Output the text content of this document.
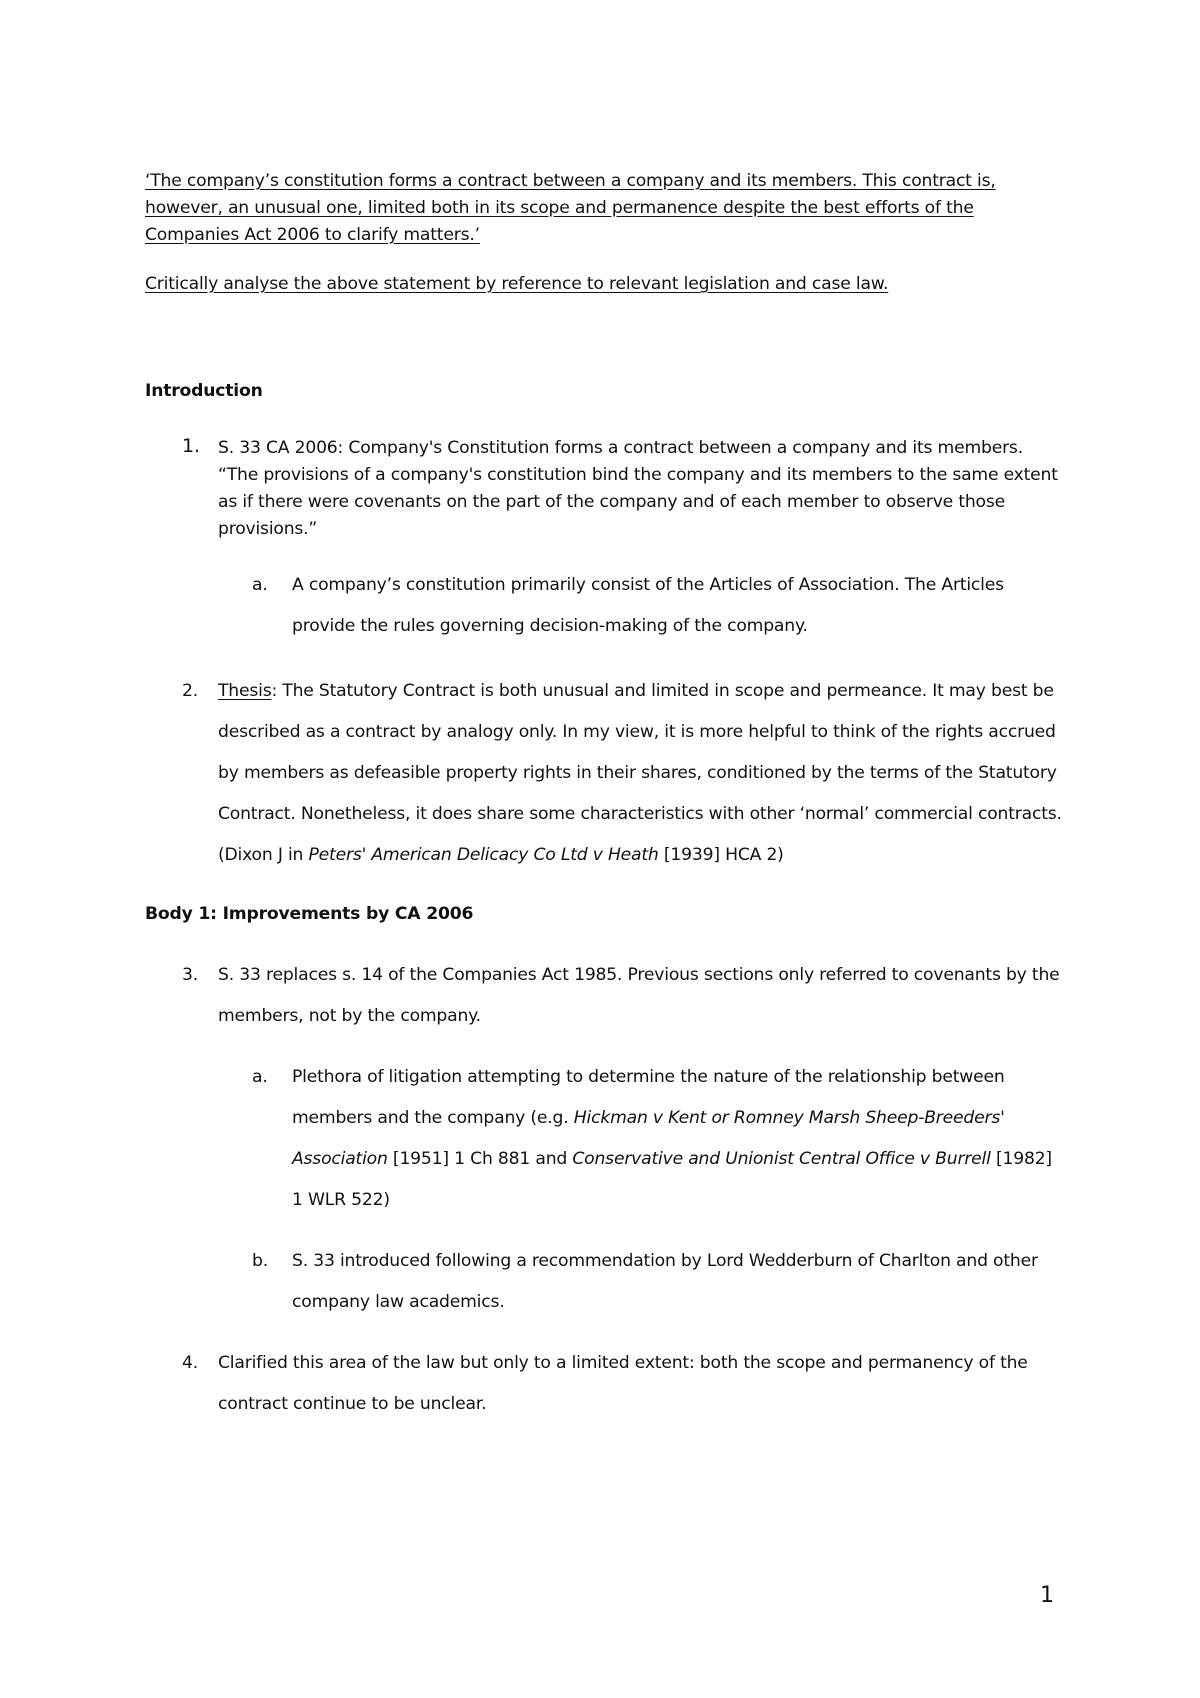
‘The company’s constitution forms a contract between a company and its members. This contract is,
however, an unusual one, limited both in its scope and permanence despite the best efforts of the
Companies Act 2006 to clarify matters.’

Critically analyse the above statement by reference to relevant legislation and case law.

Introduction

1. S. 33 CA 2006: Company's Constitution forms a contract between a company and its members. “The provisions of a company's constitution bind the company and its members to the same extent as if there were covenants on the part of the company and of each member to observe those provisions.”
a. A company’s constitution primarily consist of the Articles of Association. The Articles provide the rules governing decision-making of the company.
2. Thesis: The Statutory Contract is both unusual and limited in scope and permeance. It may best be described as a contract by analogy only. In my view, it is more helpful to think of the rights accrued by members as defeasible property rights in their shares, conditioned by the terms of the Statutory Contract. Nonetheless, it does share some characteristics with other ‘normal’ commercial contracts. (Dixon J in Peters' American Delicacy Co Ltd v Heath [1939] HCA 2)

Body 1: Improvements by CA 2006

3. S. 33 replaces s. 14 of the Companies Act 1985. Previous sections only referred to covenants by the members, not by the company.
a. Plethora of litigation attempting to determine the nature of the relationship between members and the company (e.g. Hickman v Kent or Romney Marsh Sheep-Breeders' Association [1951] 1 Ch 881 and Conservative and Unionist Central Office v Burrell [1982] 1 WLR 522)
b. S. 33 introduced following a recommendation by Lord Wedderburn of Charlton and other company law academics.
4. Clarified this area of the law but only to a limited extent: both the scope and permanency of the contract continue to be unclear.
1
